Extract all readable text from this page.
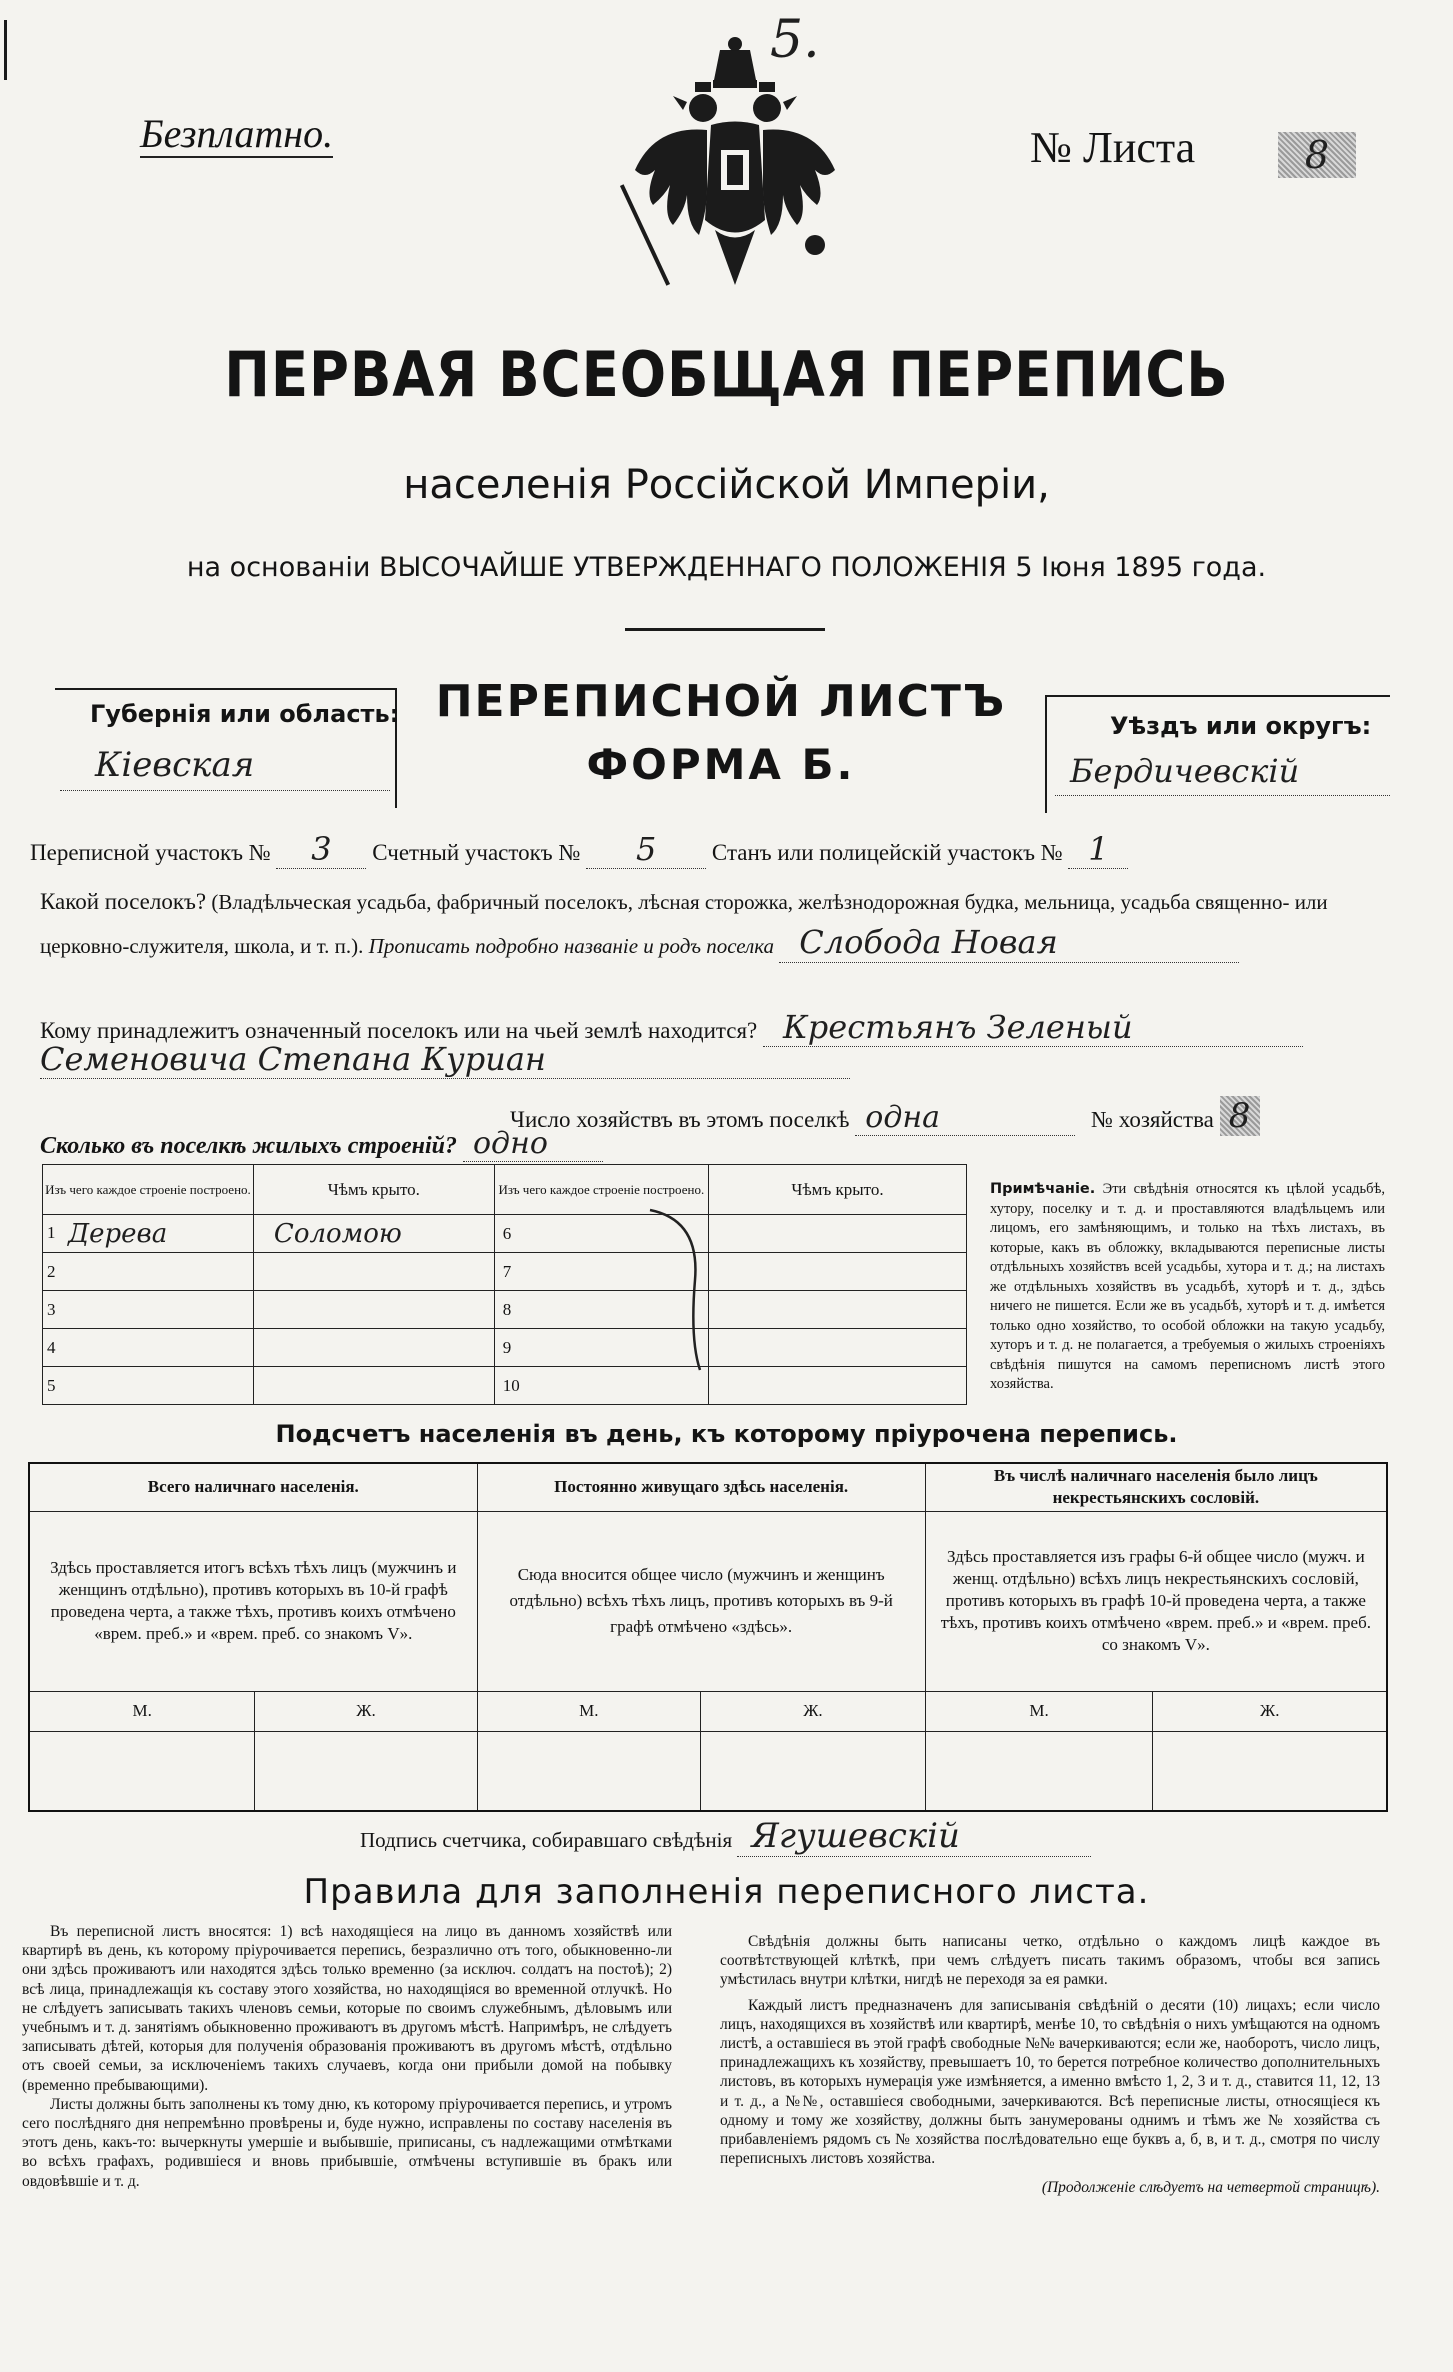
5.
Безплатно.	№ Листа	8
ПЕРВАЯ ВСЕОБЩАЯ ПЕРЕПИСЬ
населенія Россійской Имперіи,
на основаніи ВЫСОЧАЙШЕ УТВЕРЖДЕННАГО ПОЛОЖЕНІЯ 5 Іюня 1895 года.
Губернія или область:
Кіевская
ПЕРЕПИСНОЙ ЛИСТЪ
ФОРМА Б.
Уѣздъ или округъ:
Бердичевскій
Переписной участокъ № 3 Счетный участокъ № 5 Станъ или полицейскій участокъ № 1
Какой поселокъ? (Владѣльческая усадьба, фабричный поселокъ, лѣсная сторожка, желѣзнодорожная будка, мельница, усадьба священно- или церковно-служителя, школа, и т. п.). Прописать подробно названіе и родъ поселка Слобода Новая
Кому принадлежитъ означенный поселокъ или на чьей землѣ находится? Крестьянъ Зеленый
Семеновича Степана Куриан
Число хозяйствъ въ этомъ поселкѣ одна	№ хозяйства 8
Сколько въ поселкѣ жилыхъ строеній? одно
Изъ чего каждое строеніе построено.	Чѣмъ крыто.	Изъ чего каждое строеніе построено.	Чѣмъ крыто.

1 Дерева	Соломою	6	
2		7	
3		8	
4		9	
5		10	
Примѣчаніе. Эти свѣдѣнія относятся къ цѣлой усадьбѣ, хутору, поселку и т. д. и проставляются владѣльцемъ или лицомъ, его замѣняющимъ, и только на тѣхъ листахъ, въ которые, какъ въ обложку, вкладываются переписные листы отдѣльныхъ хозяйствъ всей усадьбы, хутора и т. д.; на листахъ же отдѣльныхъ хозяйствъ въ усадьбѣ, хуторѣ и т. д., здѣсь ничего не пишется. Если же въ усадьбѣ, хуторѣ и т. д. имѣется только одно хозяйство, то особой обложки на такую усадьбу, хуторъ и т. д. не полагается, а требуемыя о жилыхъ строеніяхъ свѣдѣнія пишутся на самомъ переписномъ листѣ этого хозяйства.
Подсчетъ населенія въ день, къ которому пріурочена перепись.
Всего наличнаго населенія.		Постоянно живущаго здѣсь населенія.		Въ числѣ наличнаго населенія было лицъ некрестьянскихъ сословій.	
Здѣсь проставляется итогъ всѣхъ тѣхъ лицъ (мужчинъ и женщинъ отдѣльно), противъ которыхъ въ 10-й графѣ проведена черта, а также тѣхъ, противъ коихъ отмѣчено «врем. преб.» и «врем. преб. со знакомъ V».		Сюда вносится общее число (мужчинъ и женщинъ отдѣльно) всѣхъ тѣхъ лицъ, противъ которыхъ въ 9-й графѣ отмѣчено «здѣсь».		Здѣсь проставляется изъ графы 6-й общее число (мужч. и женщ. отдѣльно) всѣхъ лицъ некрестьянскихъ сословій, противъ которыхъ въ графѣ 10-й проведена черта, а также тѣхъ, противъ коихъ отмѣчено «врем. преб.» и «врем. преб. со знакомъ V».	
М.	Ж.	М.	Ж.	М.	Ж.

Подпись счетчика, собиравшаго свѣдѣнія Ягушевскій
Правила для заполненія переписного листа.

Въ переписной листъ вносятся: 1) всѣ находящіеся на лицо въ данномъ хозяйствѣ или квартирѣ въ день, къ которому пріурочивается перепись, безразлично отъ того, обыкновенно-ли они здѣсь проживаютъ или находятся здѣсь только временно (за исключ. солдатъ на постоѣ); 2) всѣ лица, принадлежащія къ составу этого хозяйства, но находящіяся во временной отлучкѣ. Но не слѣдуетъ записывать такихъ членовъ семьи, которые по своимъ служебнымъ, дѣловымъ или учебнымъ и т. д. занятіямъ обыкновенно проживаютъ въ другомъ мѣстѣ. Напримѣръ, не слѣдуетъ записывать дѣтей, которыя для полученія образованія проживаютъ въ другомъ мѣстѣ, отдѣльно отъ своей семьи, за исключеніемъ такихъ случаевъ, когда они прибыли домой на побывку (временно пребывающими).

Листы должны быть заполнены къ тому дню, къ которому пріурочивается перепись, и утромъ сего послѣдняго дня непремѣнно провѣрены и, буде нужно, исправлены по составу населенія въ этотъ день, какъ-то: вычеркнуты умершіе и выбывшіе, приписаны, съ надлежащими отмѣтками во всѣхъ графахъ, родившіеся и вновь прибывшіе, отмѣчены вступившіе въ бракъ или овдовѣвшіе и т. д.

Свѣдѣнія должны быть написаны четко, отдѣльно о каждомъ лицѣ каждое въ соотвѣтствующей клѣткѣ, при чемъ слѣдуетъ писать такимъ образомъ, чтобы вся запись умѣстилась внутри клѣтки, нигдѣ не переходя за ея рамки.

Каждый листъ предназначенъ для записыванія свѣдѣній о десяти (10) лицахъ; если число лицъ, находящихся въ хозяйствѣ или квартирѣ, менѣе 10, то свѣдѣнія о нихъ умѣщаются на одномъ листѣ, а оставшіеся въ этой графѣ свободные №№ вачеркиваются; если же, наоборотъ, число лицъ, принадлежащихъ къ хозяйству, превышаетъ 10, то берется потребное количество дополнительныхъ листовъ, въ которыхъ нумерація уже измѣняется, а именно вмѣсто 1, 2, 3 и т. д., ставится 11, 12, 13 и т. д., а №№, оставшіеся свободными, зачеркиваются. Всѣ переписные листы, относящіеся къ одному и тому же хозяйству, должны быть занумерованы однимъ и тѣмъ же № хозяйства съ прибавленіемъ рядомъ съ № хозяйства послѣдовательно еще буквъ а, б, в, и т. д., смотря по числу переписныхъ листовъ хозяйства.

(Продолженіе слѣдуетъ на четвертой страницѣ).
